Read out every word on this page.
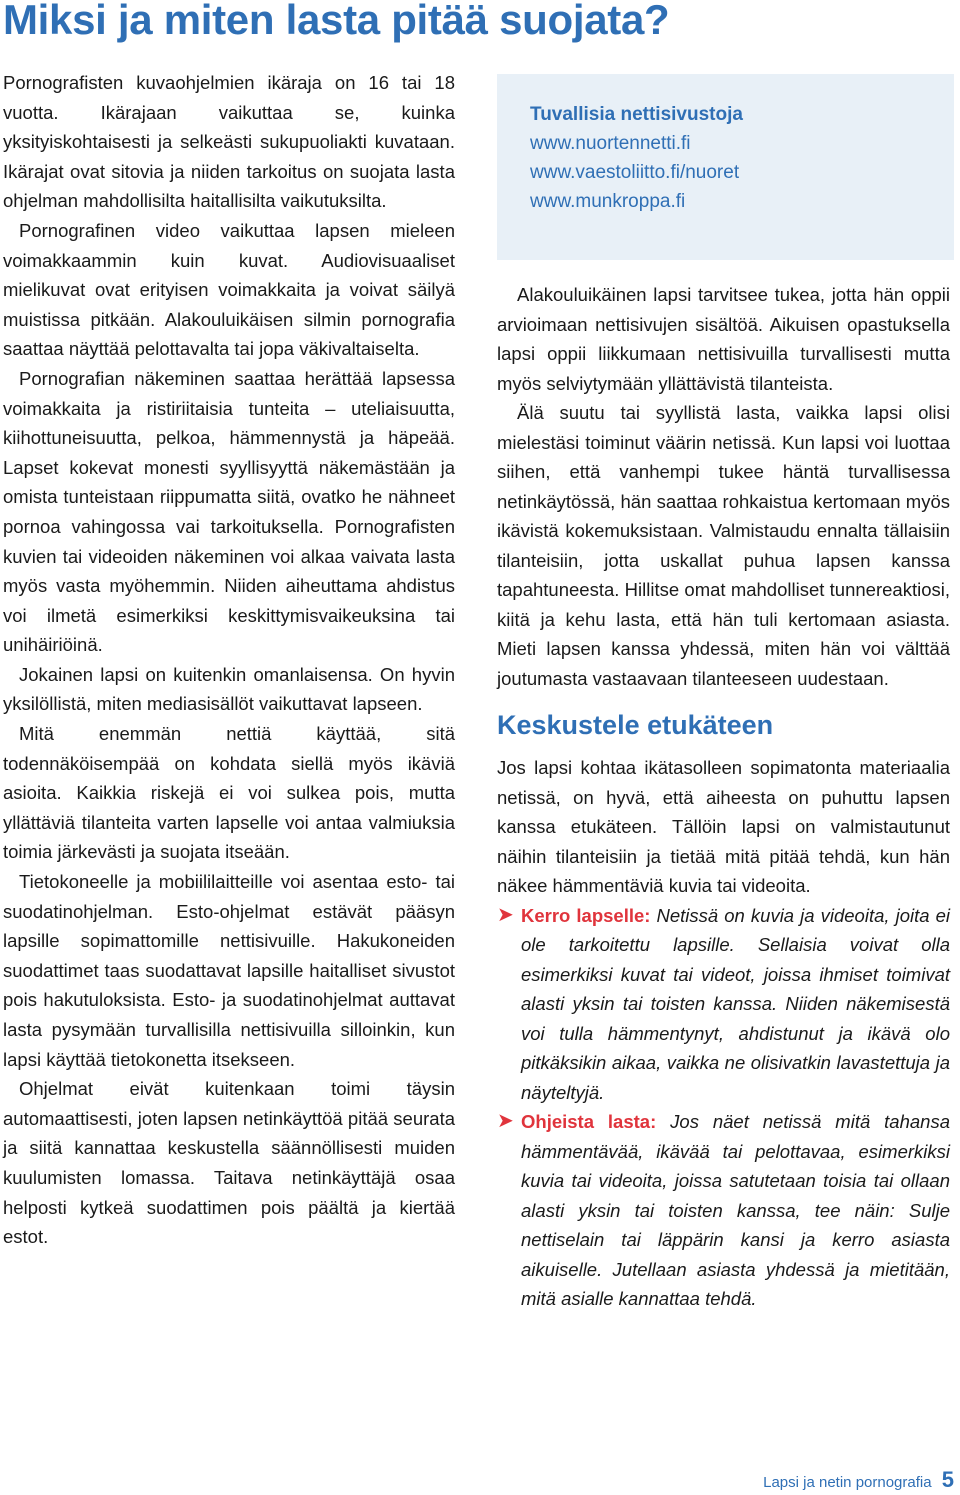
Miksi ja miten lasta pitää suojata?

Pornografisten kuvaohjelmien ikäraja on 16 tai 18 vuotta. Ikärajaan vaikuttaa se, kuinka yksityiskohtaisesti ja selkeästi sukupuoliakti kuvataan. Ikärajat ovat sitovia ja niiden tarkoitus on suojata lasta ohjelman mahdollisilta haitallisilta vaikutuksilta.

Pornografinen video vaikuttaa lapsen mieleen voimakkaammin kuin kuvat. Audiovisuaaliset mielikuvat ovat erityisen voimakkaita ja voivat säilyä muistissa pitkään. Alakouluikäisen silmin pornografia saattaa näyttää pelottavalta tai jopa väkivaltaiselta.

Pornografian näkeminen saattaa herättää lapsessa voimakkaita ja ristiriitaisia tunteita – uteliaisuutta, kiihottuneisuutta, pelkoa, hämmennystä ja häpeää. Lapset kokevat monesti syyllisyyttä näkemästään ja omista tunteistaan riippumatta siitä, ovatko he nähneet pornoa vahingossa vai tarkoituksella. Pornografisten kuvien tai videoiden näkeminen voi alkaa vaivata lasta myös vasta myöhemmin. Niiden aiheuttama ahdistus voi ilmetä esimerkiksi keskittymisvaikeuksina tai unihäiriöinä.

Jokainen lapsi on kuitenkin omanlaisensa. On hyvin yksilöllistä, miten mediasisällöt vaikuttavat lapseen.

Mitä enemmän nettiä käyttää, sitä todennäköisempää on kohdata siellä myös ikäviä asioita. Kaikkia riskejä ei voi sulkea pois, mutta yllättäviä tilanteita varten lapselle voi antaa valmiuksia toimia järkevästi ja suojata itseään.

Tietokoneelle ja mobiililaitteille voi asentaa esto- tai suodatinohjelman. Esto-ohjelmat estävät pääsyn lapsille sopimattomille nettisivuille. Hakukoneiden suodattimet taas suodattavat lapsille haitalliset sivustot pois hakutuloksista. Esto- ja suodatinohjelmat auttavat lasta pysymään turvallisilla nettisivuilla silloinkin, kun lapsi käyttää tietokonetta itsekseen.

Ohjelmat eivät kuitenkaan toimi täysin automaattisesti, joten lapsen netinkäyttöä pitää seurata ja siitä kannattaa keskustella säännöllisesti muiden kuulumisten lomassa. Taitava netinkäyttäjä osaa helposti kytkeä suodattimen pois päältä ja kiertää estot.

Tuvallisia nettisivustoja
www.nuortennetti.fi
www.vaestoliitto.fi/nuoret
www.munkroppa.fi

Alakouluikäinen lapsi tarvitsee tukea, jotta hän oppii arvioimaan nettisivujen sisältöä. Aikuisen opastuksella lapsi oppii liikkumaan nettisivuilla turvallisesti mutta myös selviytymään yllättävistä tilanteista.

Älä suutu tai syyllistä lasta, vaikka lapsi olisi mielestäsi toiminut väärin netissä. Kun lapsi voi luottaa siihen, että vanhempi tukee häntä turvallisessa netinkäytössä, hän saattaa rohkaistua kertomaan myös ikävistä kokemuksistaan. Valmistaudu ennalta tällaisiin tilanteisiin, jotta uskallat puhua lapsen kanssa tapahtuneesta. Hillitse omat mahdolliset tunnereaktiosi, kiitä ja kehu lasta, että hän tuli kertomaan asiasta. Mieti lapsen kanssa yhdessä, miten hän voi välttää joutumasta vastaavaan tilanteeseen uudestaan.

Keskustele etukäteen

Jos lapsi kohtaa ikätasolleen sopimatonta materiaalia netissä, on hyvä, että aiheesta on puhuttu lapsen kanssa etukäteen. Tällöin lapsi on valmistautunut näihin tilanteisiin ja tietää mitä pitää tehdä, kun hän näkee hämmentäviä kuvia tai videoita.

➤ Kerro lapselle: Netissä on kuvia ja videoita, joita ei ole tarkoitettu lapsille. Sellaisia voivat olla esimerkiksi kuvat tai videot, joissa ihmiset toimivat alasti yksin tai toisten kanssa. Niiden näkemisestä voi tulla hämmentynyt, ahdistunut ja ikävä olo pitkäksikin aikaa, vaikka ne olisivatkin lavastettuja ja näyteltyjä.
➤ Ohjeista lasta: Jos näet netissä mitä tahansa hämmentävää, ikävää tai pelottavaa, esimerkiksi kuvia tai videoita, joissa satutetaan toisia tai ollaan alasti yksin tai toisten kanssa, tee näin: Sulje nettiselain tai läppärin kansi ja kerro asiasta aikuiselle. Jutellaan asiasta yhdessä ja mietitään, mitä asialle kannattaa tehdä.
Lapsi ja netin pornografia 5
